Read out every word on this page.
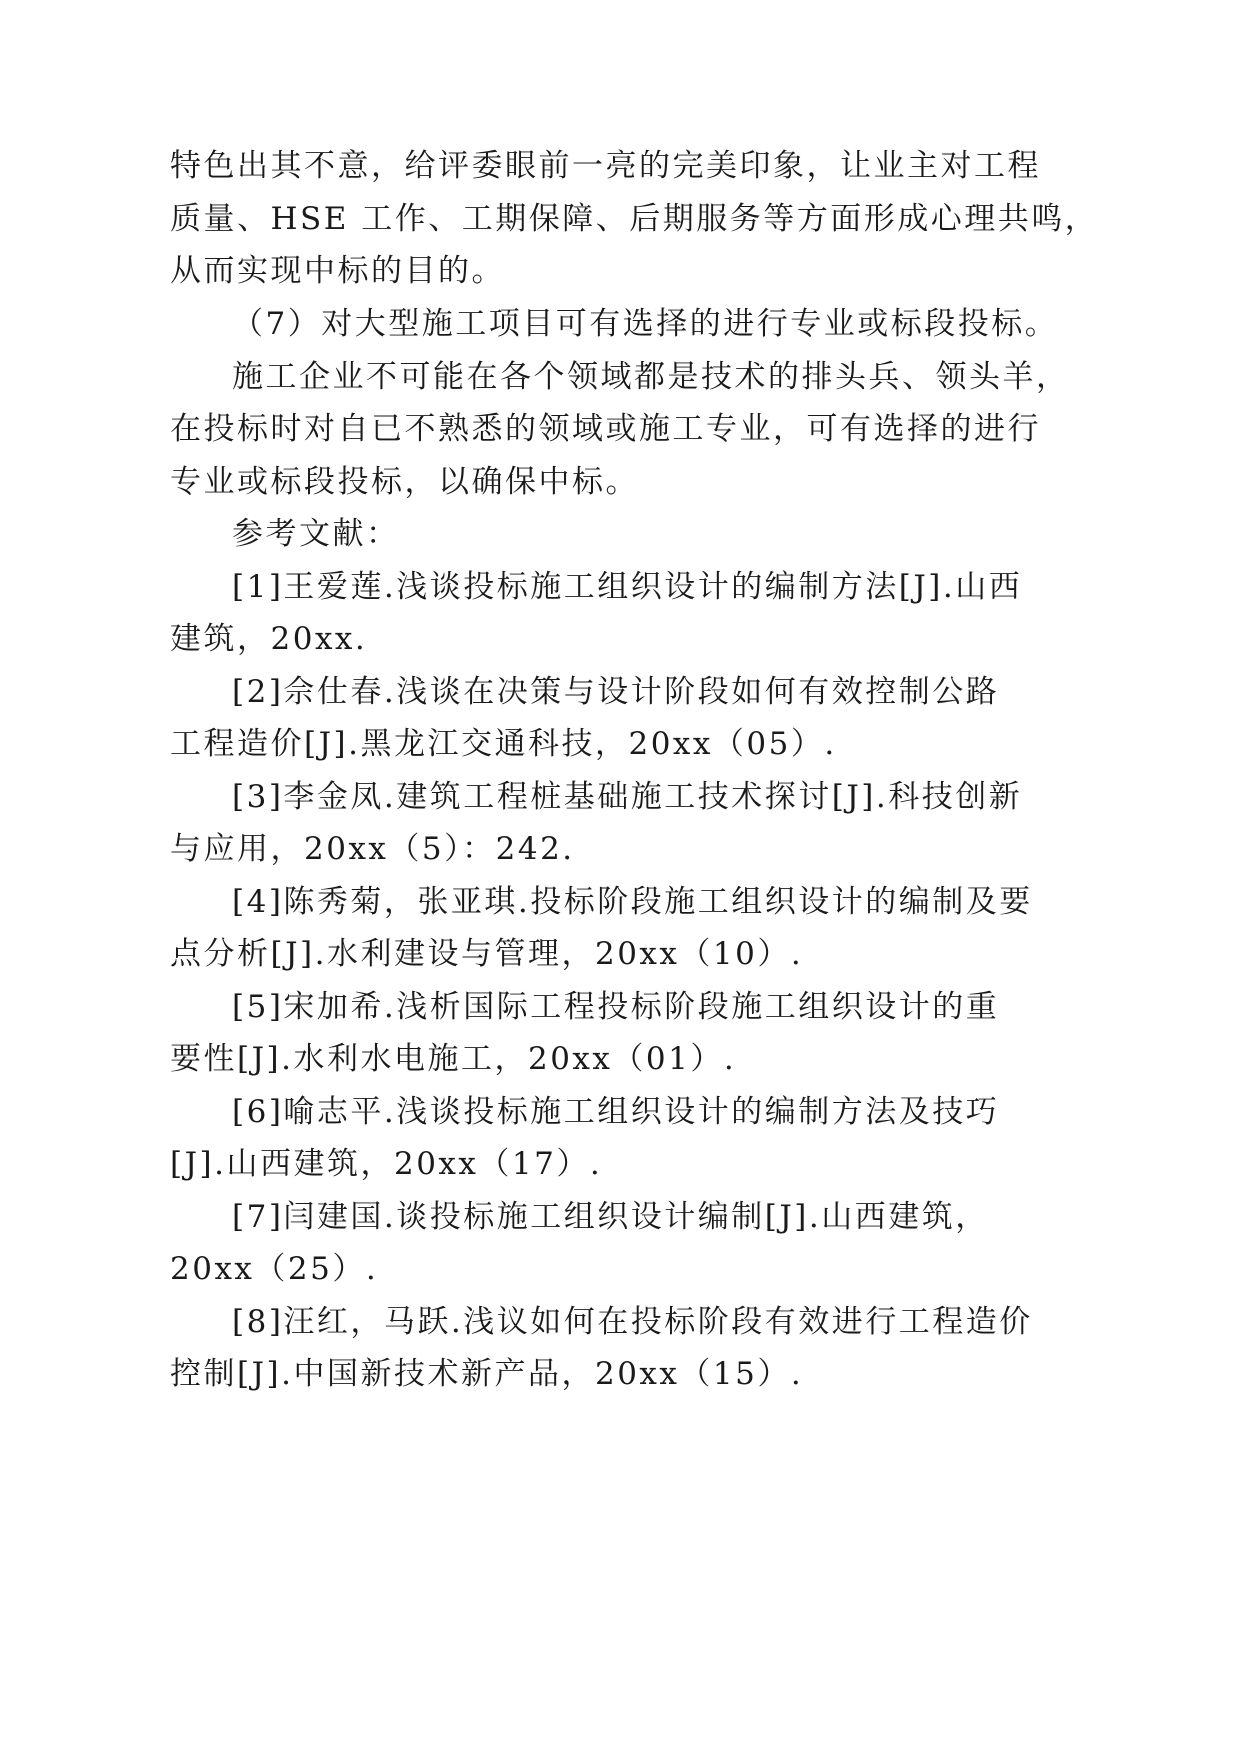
特色出其不意，给评委眼前一亮的完美印象，让业主对工程
质量、HSE 工作、工期保障、后期服务等方面形成心理共鸣，
从而实现中标的目的。
（7）对大型施工项目可有选择的进行专业或标段投标。
施工企业不可能在各个领域都是技术的排头兵、领头羊，
在投标时对自已不熟悉的领域或施工专业，可有选择的进行
专业或标段投标，以确保中标。
参考文献：
[1]王爱莲.浅谈投标施工组织设计的编制方法[J].山西
建筑，20xx.
[2]佘仕春.浅谈在决策与设计阶段如何有效控制公路
工程造价[J].黑龙江交通科技，20xx（05）.
[3]李金凤.建筑工程桩基础施工技术探讨[J].科技创新
与应用，20xx（5）：242.
[4]陈秀菊，张亚琪.投标阶段施工组织设计的编制及要
点分析[J].水利建设与管理，20xx（10）.
[5]宋加希.浅析国际工程投标阶段施工组织设计的重
要性[J].水利水电施工，20xx（01）.
[6]喻志平.浅谈投标施工组织设计的编制方法及技巧
[J].山西建筑，20xx（17）.
[7]闫建国.谈投标施工组织设计编制[J].山西建筑，
20xx（25）.
[8]汪红，马跃.浅议如何在投标阶段有效进行工程造价
控制[J].中国新技术新产品，20xx（15）.
